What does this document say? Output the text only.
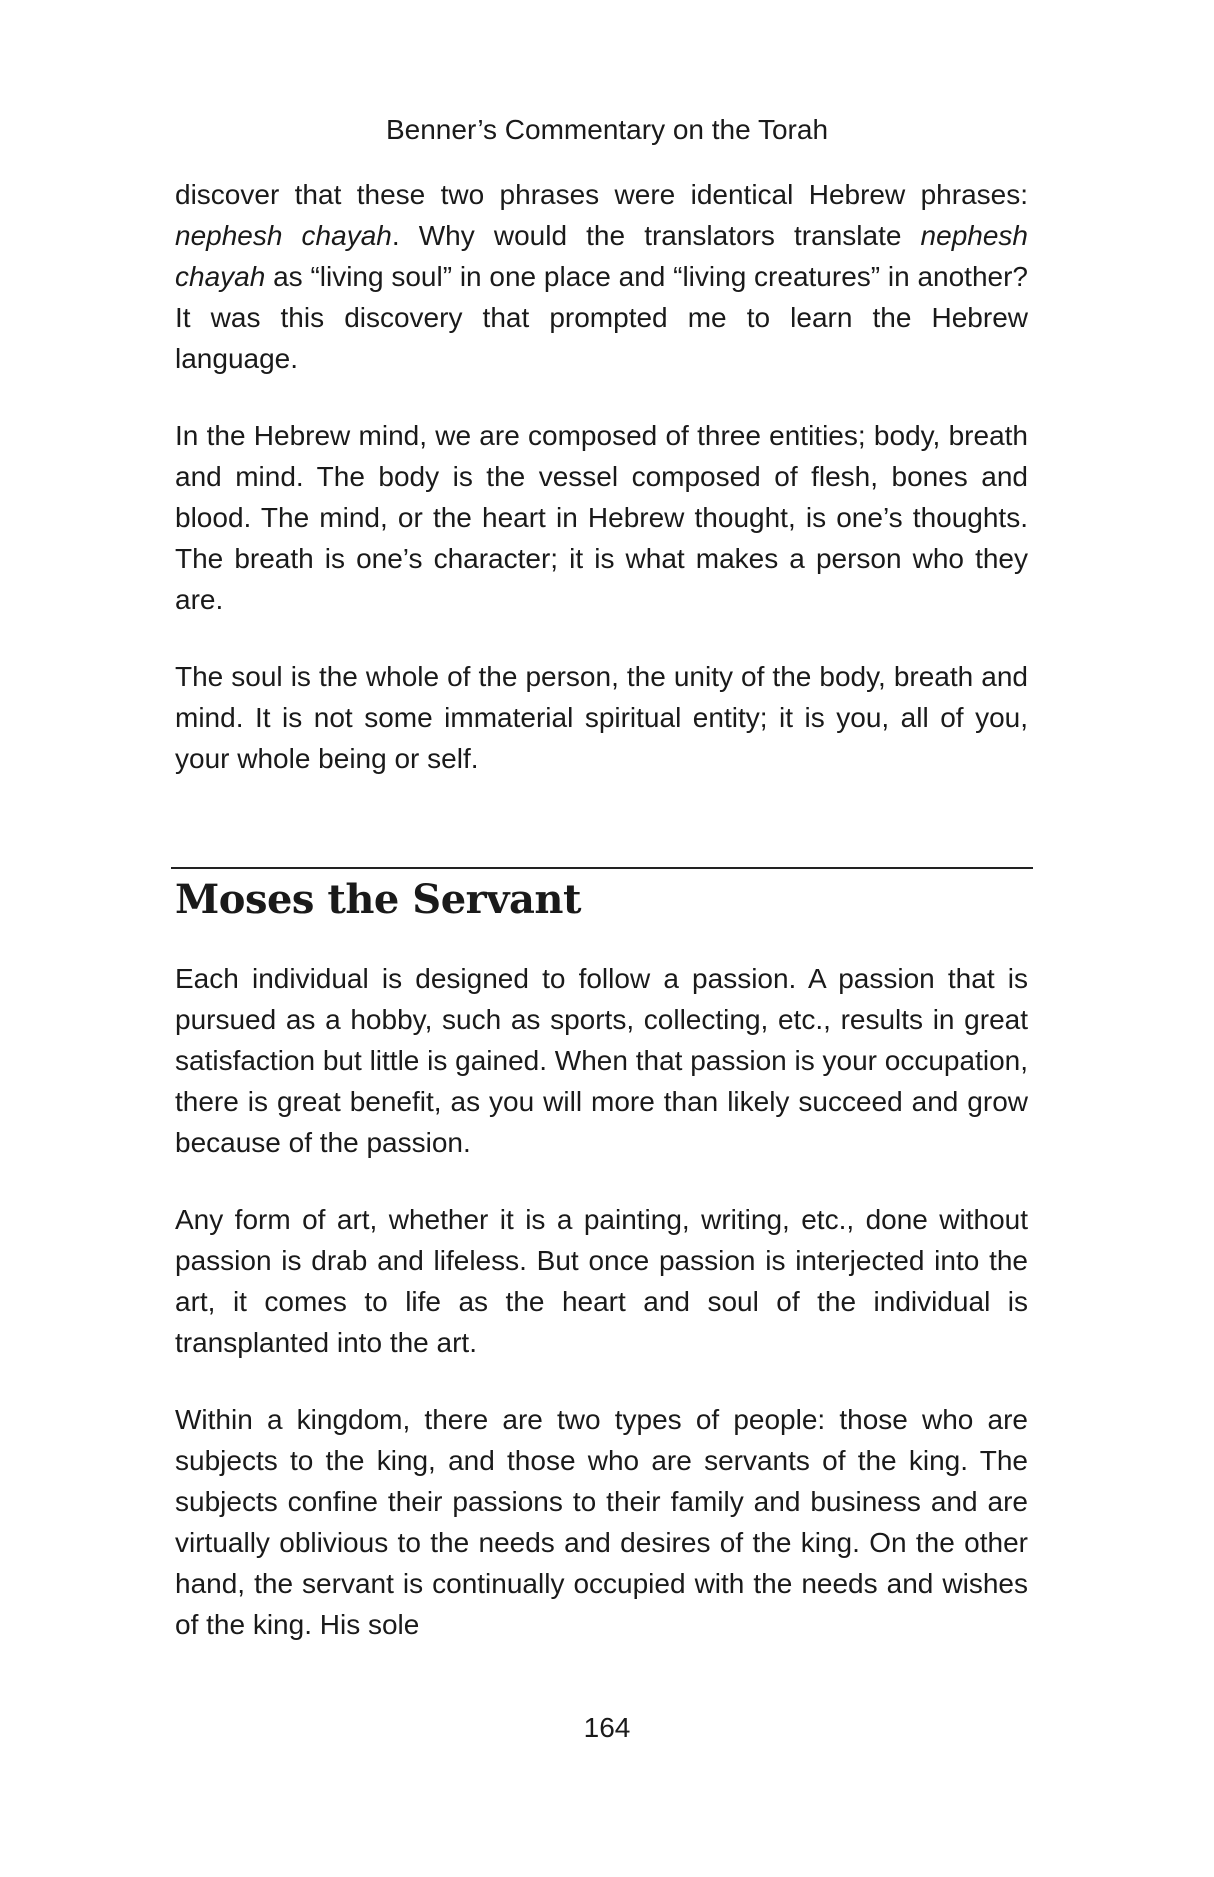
Benner’s Commentary on the Torah

discover that these two phrases were identical Hebrew phrases: nephesh chayah. Why would the translators translate nephesh chayah as “living soul” in one place and “living creatures” in another? It was this discovery that prompted me to learn the Hebrew language.

In the Hebrew mind, we are composed of three entities; body, breath and mind. The body is the vessel composed of flesh, bones and blood. The mind, or the heart in Hebrew thought, is one’s thoughts. The breath is one’s character; it is what makes a person who they are.

The soul is the whole of the person, the unity of the body, breath and mind. It is not some immaterial spiritual entity; it is you, all of you, your whole being or self.

Moses the Servant

Each individual is designed to follow a passion. A passion that is pursued as a hobby, such as sports, collecting, etc., results in great satisfaction but little is gained. When that passion is your occupation, there is great benefit, as you will more than likely succeed and grow because of the passion.

Any form of art, whether it is a painting, writing, etc., done without passion is drab and lifeless. But once passion is interjected into the art, it comes to life as the heart and soul of the individual is transplanted into the art.

Within a kingdom, there are two types of people: those who are subjects to the king, and those who are servants of the king. The subjects confine their passions to their family and business and are virtually oblivious to the needs and desires of the king. On the other hand, the servant is continually occupied with the needs and wishes of the king. His sole

164
